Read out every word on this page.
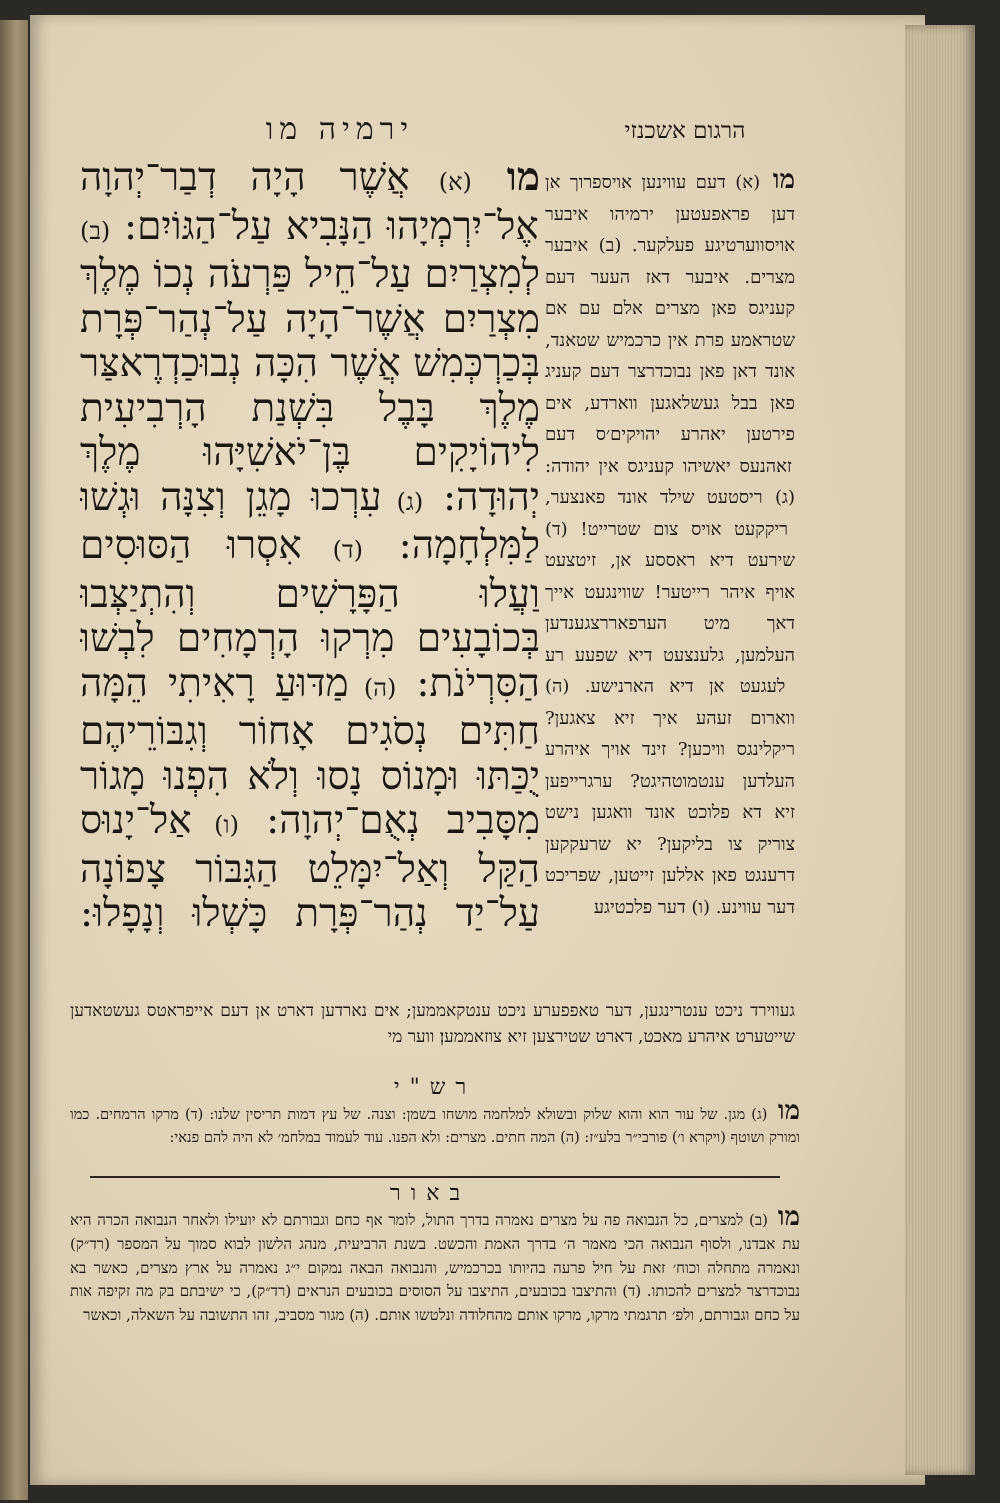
ירמיה מו	הרגום אשכנזי
מו (א) אֲשֶׁר הָיָה דְבַר־יְהוָה אֶל־יִרְמְיָהוּ הַנָּבִיא עַל־הַגּוֹיִם: (ב) לְמִצְרַיִם עַל־חֵיל פַּרְעֹה נְכוֹ מֶלֶךְ מִצְרַיִם אֲשֶׁר־הָיָה עַל־נְהַר־פְּרָת בְּכַרְכְּמִשׁ אֲשֶׁר הִכָּה נְבוּכַדְרֶאצַּר מֶלֶךְ בָּבֶל בִּשְׁנַת הָרְבִיעִית לִיהוֹיָקִים בֶּן־יֹאשִׁיָּהוּ מֶלֶךְ יְהוּדָה: (ג) עִרְכוּ מָגֵן וְצִנָּה וּגְשׁוּ לַמִּלְחָמָה: (ד) אִסְרוּ הַסּוּסִים וַעֲלוּ הַפָּרָשִׁים וְהִתְיַצְּבוּ בְּכוֹבָעִים מִרְקוּ הָרְמָחִים לִבְשׁוּ הַסִּרְיֹנֹת: (ה) מַדּוּעַ רָאִיתִי הֵמָּה חַתִּים נְסֹגִים אָחוֹר וְגִבּוֹרֵיהֶם יֻכַּתּוּ וּמָנוֹס נָסוּ וְלֹא הִפְנוּ מָגוֹר מִסָּבִיב נְאֻם־יְהוָה: (ו) אַל־יָנוּס הַקַּל וְאַל־יִמָּלֵט הַגִּבּוֹר צָפוֹנָה עַל־יַד נְהַר־פְּרָת כָּשְׁלוּ וְנָפָלוּ:
מו (א) דעם עווינען אויספרוך אן דען פראפעטען ירמיהו איבער אויסווערטיגע פעלקער. (ב) איבער מצרים. איבער דאז העער דעם קעניגס פאן מצרים אלם עם אם שטראמע פרת אין כרכמיש שטאנד, אונד דאן פאן נבוכדרצר דעם קעניג פאן בבל געשלאגען ווארדע, אים פירטען יאהרע יהויקים׳ס דעם זאהנעס יאשיהו קעניגס אין יהודה: (ג) ריסטעט שילד אונד פאנצער, ריקקעט אויס צום שטרייט! (ד) שירעט דיא ראססע אן, זיטצעט אויף איהר רייטער! שווינגעט אייך דאך מיט הערפאררצגענדען העלמען, גלענצעט דיא שפעע רע לעגעט אן דיא הארנישע. (ה) ווארום זעהע איך זיא צאגען? ריקלינגס וויכען? זינד אויך איהרע העלדען ענטמוטהיגט? ערגרייפען זיא דא פלוכט אונד וואגען נישט צוריק צו בליקען? יא שרעקקען דרענגט פאן אללען זייטען, שפריכט דער עווינע. (ו) דער פלכטיגע
געווירד ניכט ענטרינגען, דער טאפפערע ניכט ענטקאממען; אים נארדען דארט אן דעם אייפראטס געשטאדען שייטערט איהרע מאכט, דארט שטירצען זיא צוזאממען׃ ווער מי
רש"י
מו (ג) מגן. של עור הוא והוא שלוק ובשולא למלחמה מושחו בשמן: וצנה. של עץ דמות תריסין שלנו: (ד) מרקו הרמחים. כמו ומורק ושוטף (ויקרא ו׳) פורבי״ר בלע״ז: (ה) המה חתים. מצרים: ולא הפנו. עוד לעמוד במלחמ׳ לא היה להם פנאי:
באור
מו (ב) למצרים, כל הנבואה פה על מצרים נאמרה בדרך התול, לומר אף כחם וגבורתם לא יועילו ולאחר הנבואה הכרה היא עת אבדנו, ולסוף הנבואה הכי מאמר ה׳ בדרך האמת והכשט. בשנת הרביעית, מנהג הלשון לבוא סמוך על המספר (רד״ק) ונאמרה מתחלה וכוח׳ זאת על חיל פרעה בהיותו בכרכמיש, והנבואה הבאה נמקום י״ג נאמרה על ארץ מצרים, כאשר בא נבוכדרצר למצרים להכותו. (ד) והתיצבו בכובעים, התיצבו על הסוסים בכובעים הנראים (רד״ק), כי ישיבתם בק מה זקיפה אות על כחם וגבורתם, ולפ׳ תרגמתי מרקו, מרקו אותם מהחלודה ונלטשו אותם. (ה) מגור מסביב, זהו התשובה על השאלה, וכאשר
